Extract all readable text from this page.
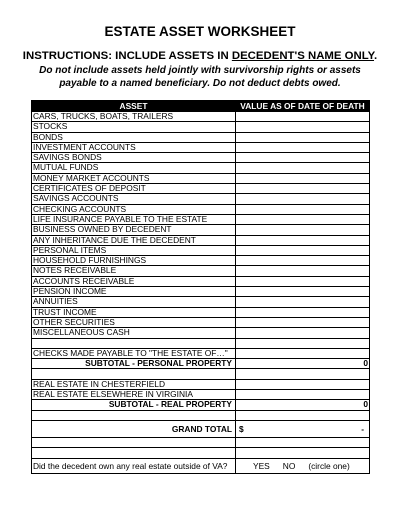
ESTATE ASSET WORKSHEET
INSTRUCTIONS: INCLUDE ASSETS IN DECEDENT'S NAME ONLY.
Do not include assets held jointly with survivorship rights or assets
payable to a named beneficiary. Do not deduct debts owed.
ASSET	VALUE AS OF DATE OF DEATH
CARS, TRUCKS, BOATS, TRAILERS	
STOCKS	
BONDS	
INVESTMENT ACCOUNTS	
SAVINGS BONDS	
MUTUAL FUNDS	
MONEY MARKET ACCOUNTS	
CERTIFICATES OF DEPOSIT	
SAVINGS ACCOUNTS	
CHECKING ACCOUNTS	
LIFE INSURANCE PAYABLE TO THE ESTATE	
BUSINESS OWNED BY DECEDENT	
ANY INHERITANCE DUE THE DECEDENT	
PERSONAL ITEMS	
HOUSEHOLD FURNISHINGS	
NOTES RECEIVABLE	
ACCOUNTS RECEIVABLE	
PENSION INCOME	
ANNUITIES	
TRUST INCOME	
OTHER SECURITIES	
MISCELLANEOUS CASH	

CHECKS MADE PAYABLE TO "THE ESTATE OF…"	
SUBTOTAL - PERSONAL PROPERTY	0

REAL ESTATE IN CHESTERFIELD	
REAL ESTATE ELSEWHERE IN VIRGINIA	
SUBTOTAL - REAL PROPERTY	0

GRAND TOTAL	$ -

Did the decedent own any real estate outside of VA?	YES NO (circle one)
